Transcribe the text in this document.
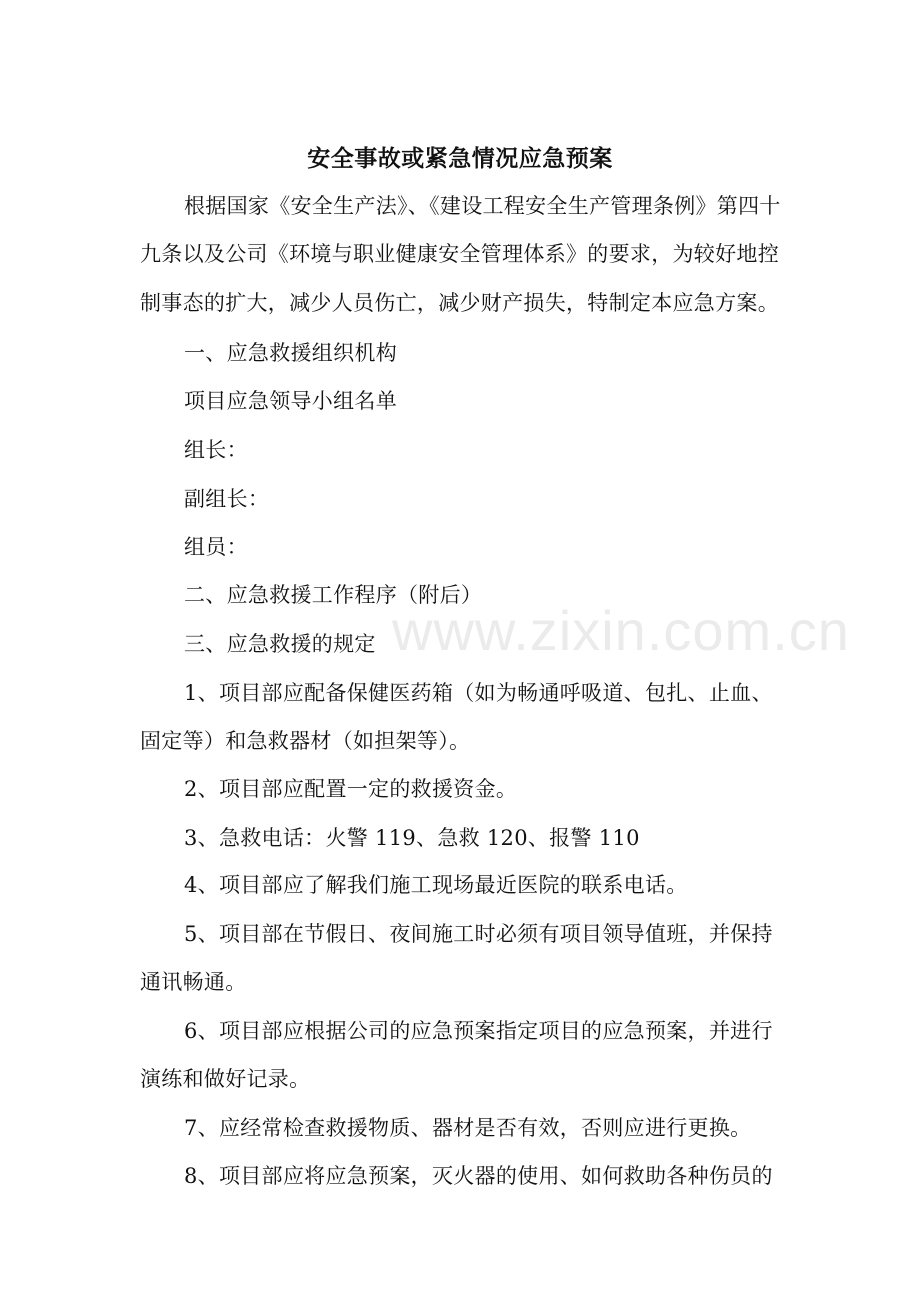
www.zixin.com.cn
安全事故或紧急情况应急预案
根据国家《安全生产法》、《建设工程安全生产管理条例》第四十
九条以及公司《环境与职业健康安全管理体系》的要求，为较好地控
制事态的扩大，减少人员伤亡，减少财产损失，特制定本应急方案。
一、应急救援组织机构
项目应急领导小组名单
组长：
副组长：
组员：
二、应急救援工作程序（附后）
三、应急救援的规定
1、项目部应配备保健医药箱（如为畅通呼吸道、包扎、止血、
固定等）和急救器材（如担架等）。
2、项目部应配置一定的救援资金。
3、急救电话：火警 119、急救 120、报警 110
4、项目部应了解我们施工现场最近医院的联系电话。
5、项目部在节假日、夜间施工时必须有项目领导值班，并保持
通讯畅通。
6、项目部应根据公司的应急预案指定项目的应急预案，并进行
演练和做好记录。
7、应经常检查救援物质、器材是否有效，否则应进行更换。
8、项目部应将应急预案，灭火器的使用、如何救助各种伤员的
